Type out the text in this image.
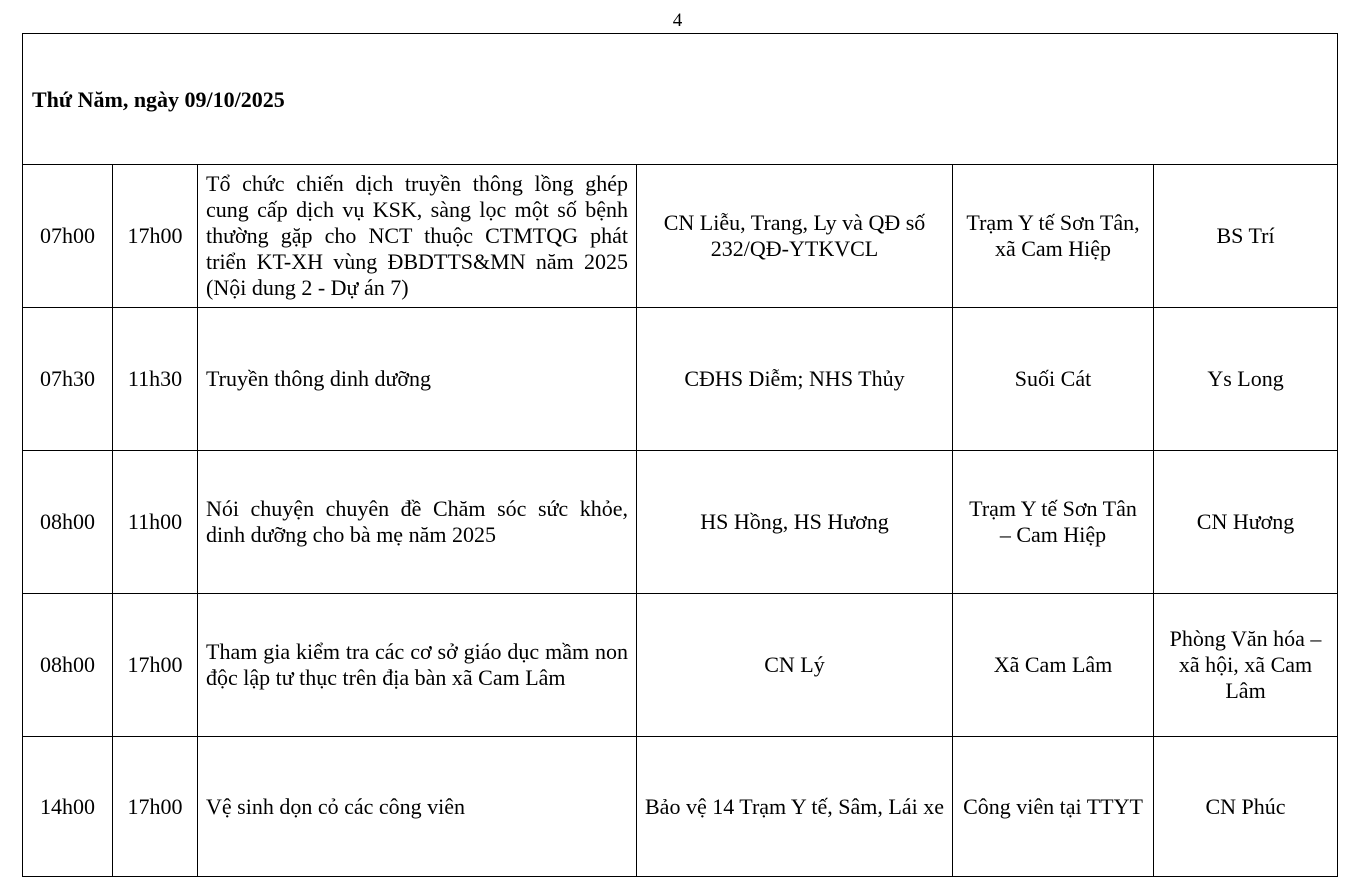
4
Thứ Năm, ngày 09/10/2025					
07h00	17h00	Tổ chức chiến dịch truyền thông lồng ghép cung cấp dịch vụ KSK, sàng lọc một số bệnh thường gặp cho NCT thuộc CTMTQG phát triển KT-XH vùng ĐBDTTS&MN năm 2025 (Nội dung 2 - Dự án 7)	CN Liễu, Trang, Ly và QĐ số 232/QĐ-YTKVCL	Trạm Y tế Sơn Tân, xã Cam Hiệp	BS Trí
07h30	11h30	Truyền thông dinh dưỡng	CĐHS Diễm; NHS Thủy	Suối Cát	Ys Long
08h00	11h00	Nói chuyện chuyên đề Chăm sóc sức khỏe, dinh dưỡng cho bà mẹ năm 2025	HS Hồng, HS Hương	Trạm Y tế Sơn Tân – Cam Hiệp	CN Hương
08h00	17h00	Tham gia kiểm tra các cơ sở giáo dục mầm non độc lập tư thục trên địa bàn xã Cam Lâm	CN Lý	Xã Cam Lâm	Phòng Văn hóa – xã hội, xã Cam Lâm
14h00	17h00	Vệ sinh dọn cỏ các công viên	Bảo vệ 14 Trạm Y tế, Sâm, Lái xe	Công viên tại TTYT	CN Phúc
